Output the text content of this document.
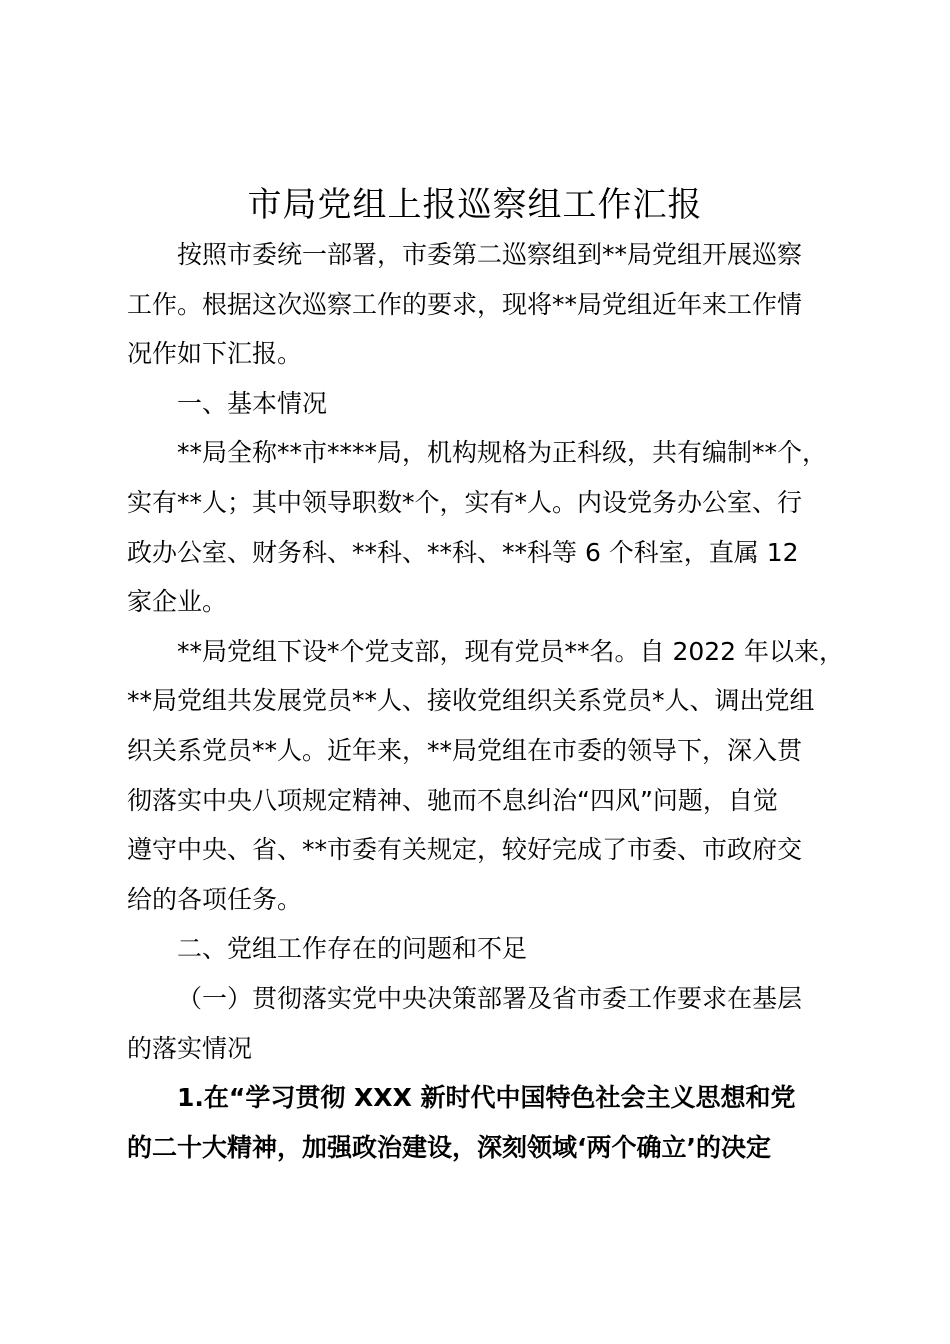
市局党组上报巡察组工作汇报
按照市委统一部署，市委第二巡察组到**局党组开展巡察
工作。根据这次巡察工作的要求，现将**局党组近年来工作情
况作如下汇报。
一、基本情况
**局全称**市****局，机构规格为正科级，共有编制**个，
实有**人；其中领导职数*个，实有*人。内设党务办公室、行
政办公室、财务科、**科、**科、**科等 6 个科室，直属 12
家企业。
**局党组下设*个党支部，现有党员**名。自 2022 年以来，
**局党组共发展党员**人、接收党组织关系党员*人、调出党组
织关系党员**人。近年来，**局党组在市委的领导下，深入贯
彻落实中央八项规定精神、驰而不息纠治“四风”问题，自觉
遵守中央、省、**市委有关规定，较好完成了市委、市政府交
给的各项任务。
二、党组工作存在的问题和不足
（一）贯彻落实党中央决策部署及省市委工作要求在基层
的落实情况
1.在“学习贯彻 XXX 新时代中国特色社会主义思想和党
的二十大精神，加强政治建设，深刻领域‘两个确立’的决定
